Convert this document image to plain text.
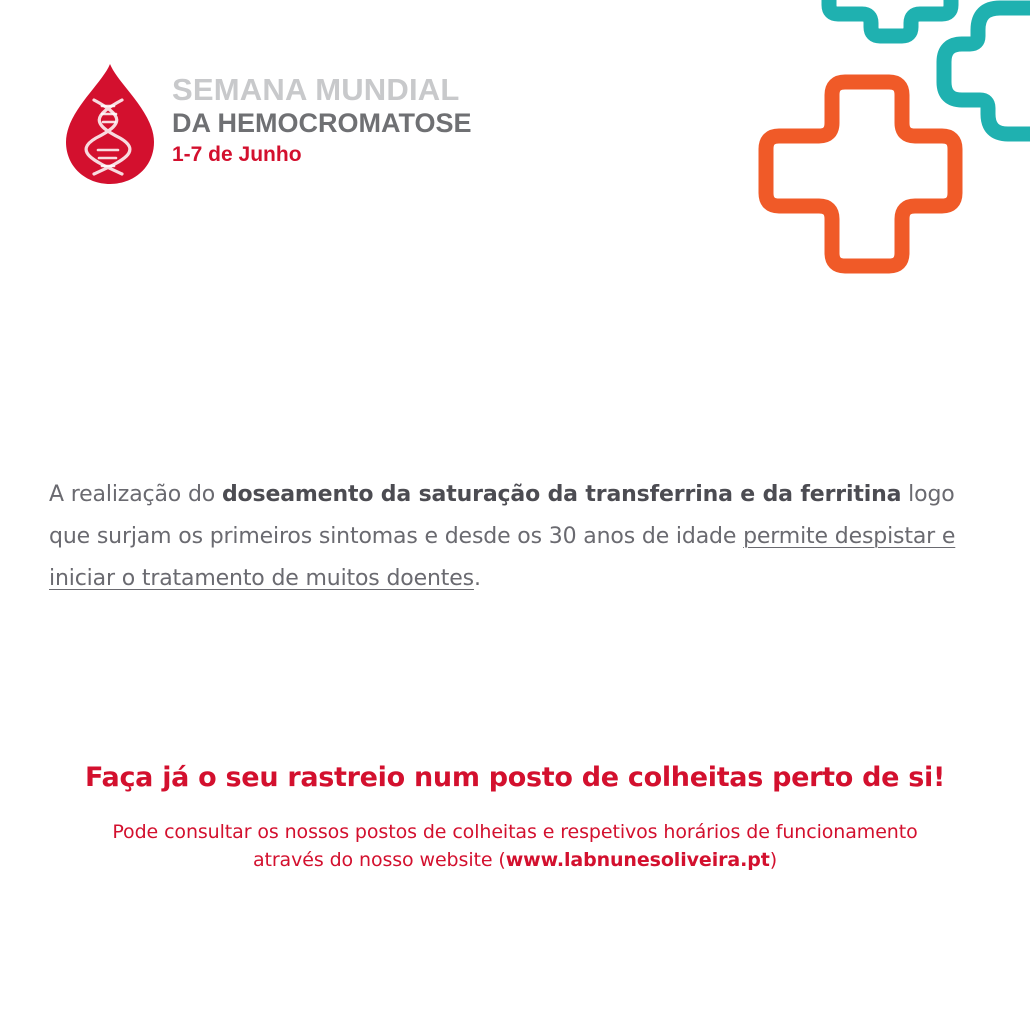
SEMANA MUNDIAL
DA HEMOCROMATOSE
1-7 de Junho
A realização do doseamento da saturação da transferrina e da ferritina logo que surjam os primeiros sintomas e desde os 30 anos de idade permite despistar e iniciar o tratamento de muitos doentes.
Faça já o seu rastreio num posto de colheitas perto de si!
Pode consultar os nossos postos de colheitas e respetivos horários de funcionamento através do nosso website (www.labnunesoliveira.pt)
